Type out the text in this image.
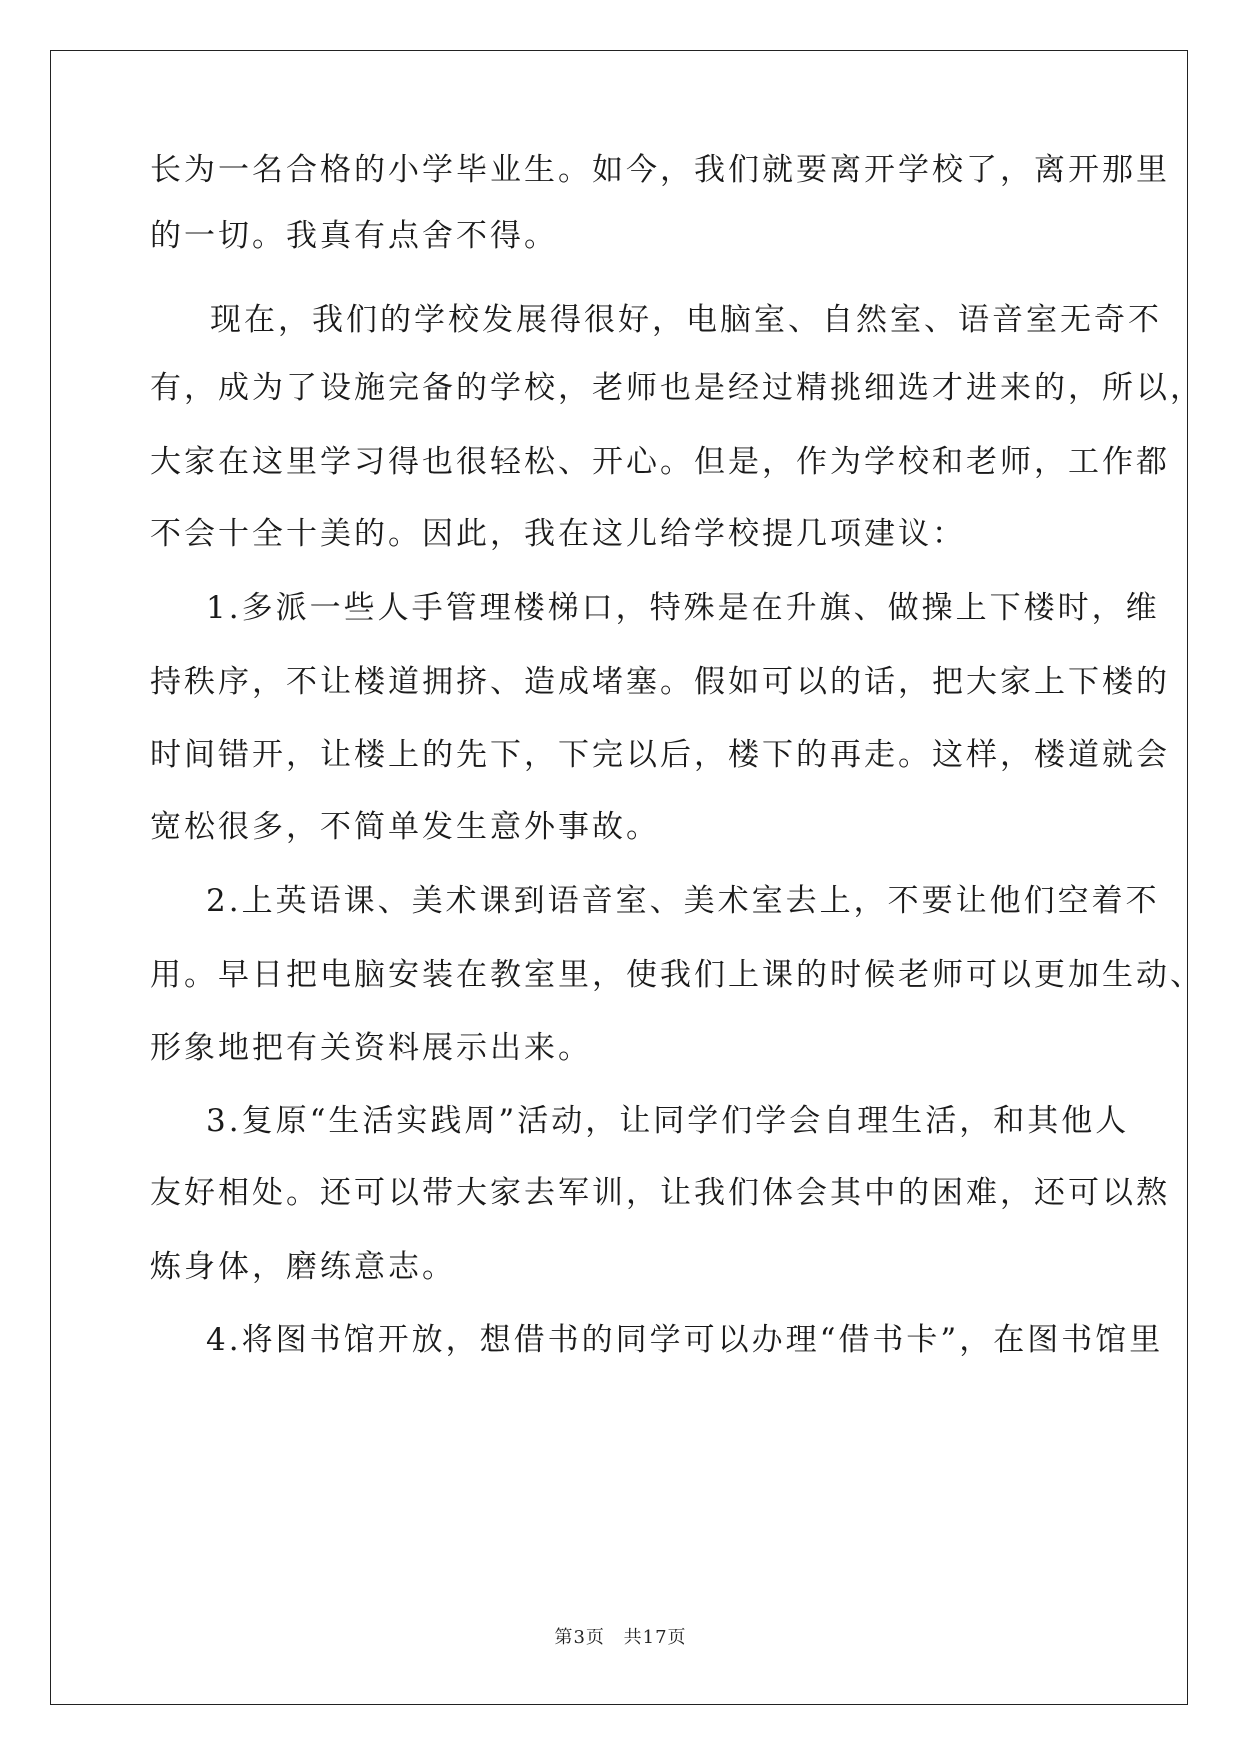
长为一名合格的小学毕业生。如今，我们就要离开学校了，离开那里
的一切。我真有点舍不得。
现在，我们的学校发展得很好，电脑室、自然室、语音室无奇不
有，成为了设施完备的学校，老师也是经过精挑细选才进来的，所以，
大家在这里学习得也很轻松、开心。但是，作为学校和老师，工作都
不会十全十美的。因此，我在这儿给学校提几项建议：
1.多派一些人手管理楼梯口，特殊是在升旗、做操上下楼时，维
持秩序，不让楼道拥挤、造成堵塞。假如可以的话，把大家上下楼的
时间错开，让楼上的先下，下完以后，楼下的再走。这样，楼道就会
宽松很多，不简单发生意外事故。
2.上英语课、美术课到语音室、美术室去上，不要让他们空着不
用。早日把电脑安装在教室里，使我们上课的时候老师可以更加生动、
形象地把有关资料展示出来。
3.复原“生活实践周”活动，让同学们学会自理生活，和其他人
友好相处。还可以带大家去军训，让我们体会其中的困难，还可以熬
炼身体，磨练意志。
4.将图书馆开放，想借书的同学可以办理“借书卡”，在图书馆里
第3页 共17页
